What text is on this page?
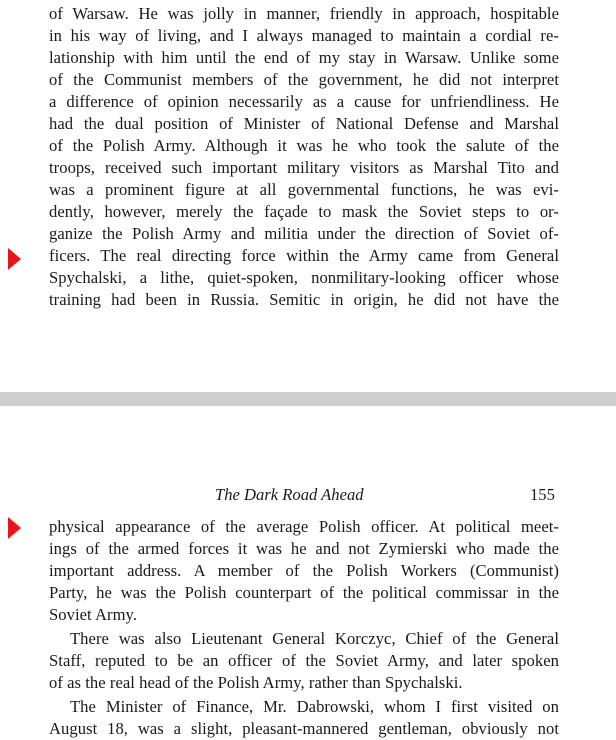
of Warsaw. He was jolly in manner, friendly in approach, hospitable
in his way of living, and I always managed to maintain a cordial re-
lationship with him until the end of my stay in Warsaw. Unlike some
of the Communist members of the government, he did not interpret
a difference of opinion necessarily as a cause for unfriendliness. He
had the dual position of Minister of National Defense and Marshal
of the Polish Army. Although it was he who took the salute of the
troops, received such important military visitors as Marshal Tito and
was a prominent figure at all governmental functions, he was evi-
dently, however, merely the façade to mask the Soviet steps to or-
ganize the Polish Army and militia under the direction of Soviet of-
ficers. The real directing force within the Army came from General
Spychalski, a lithe, quiet-spoken, nonmilitary-looking officer whose
training had been in Russia. Semitic in origin, he did not have the
The Dark Road Ahead	155
physical appearance of the average Polish officer. At political meet-
ings of the armed forces it was he and not Zymierski who made the
important address. A member of the Polish Workers (Communist)
Party, he was the Polish counterpart of the political commissar in the
Soviet Army.
There was also Lieutenant General Korczyc, Chief of the General
Staff, reputed to be an officer of the Soviet Army, and later spoken
of as the real head of the Polish Army, rather than Spychalski.
The Minister of Finance, Mr. Dabrowski, whom I first visited on
August 18, was a slight, pleasant-mannered gentleman, obviously not
